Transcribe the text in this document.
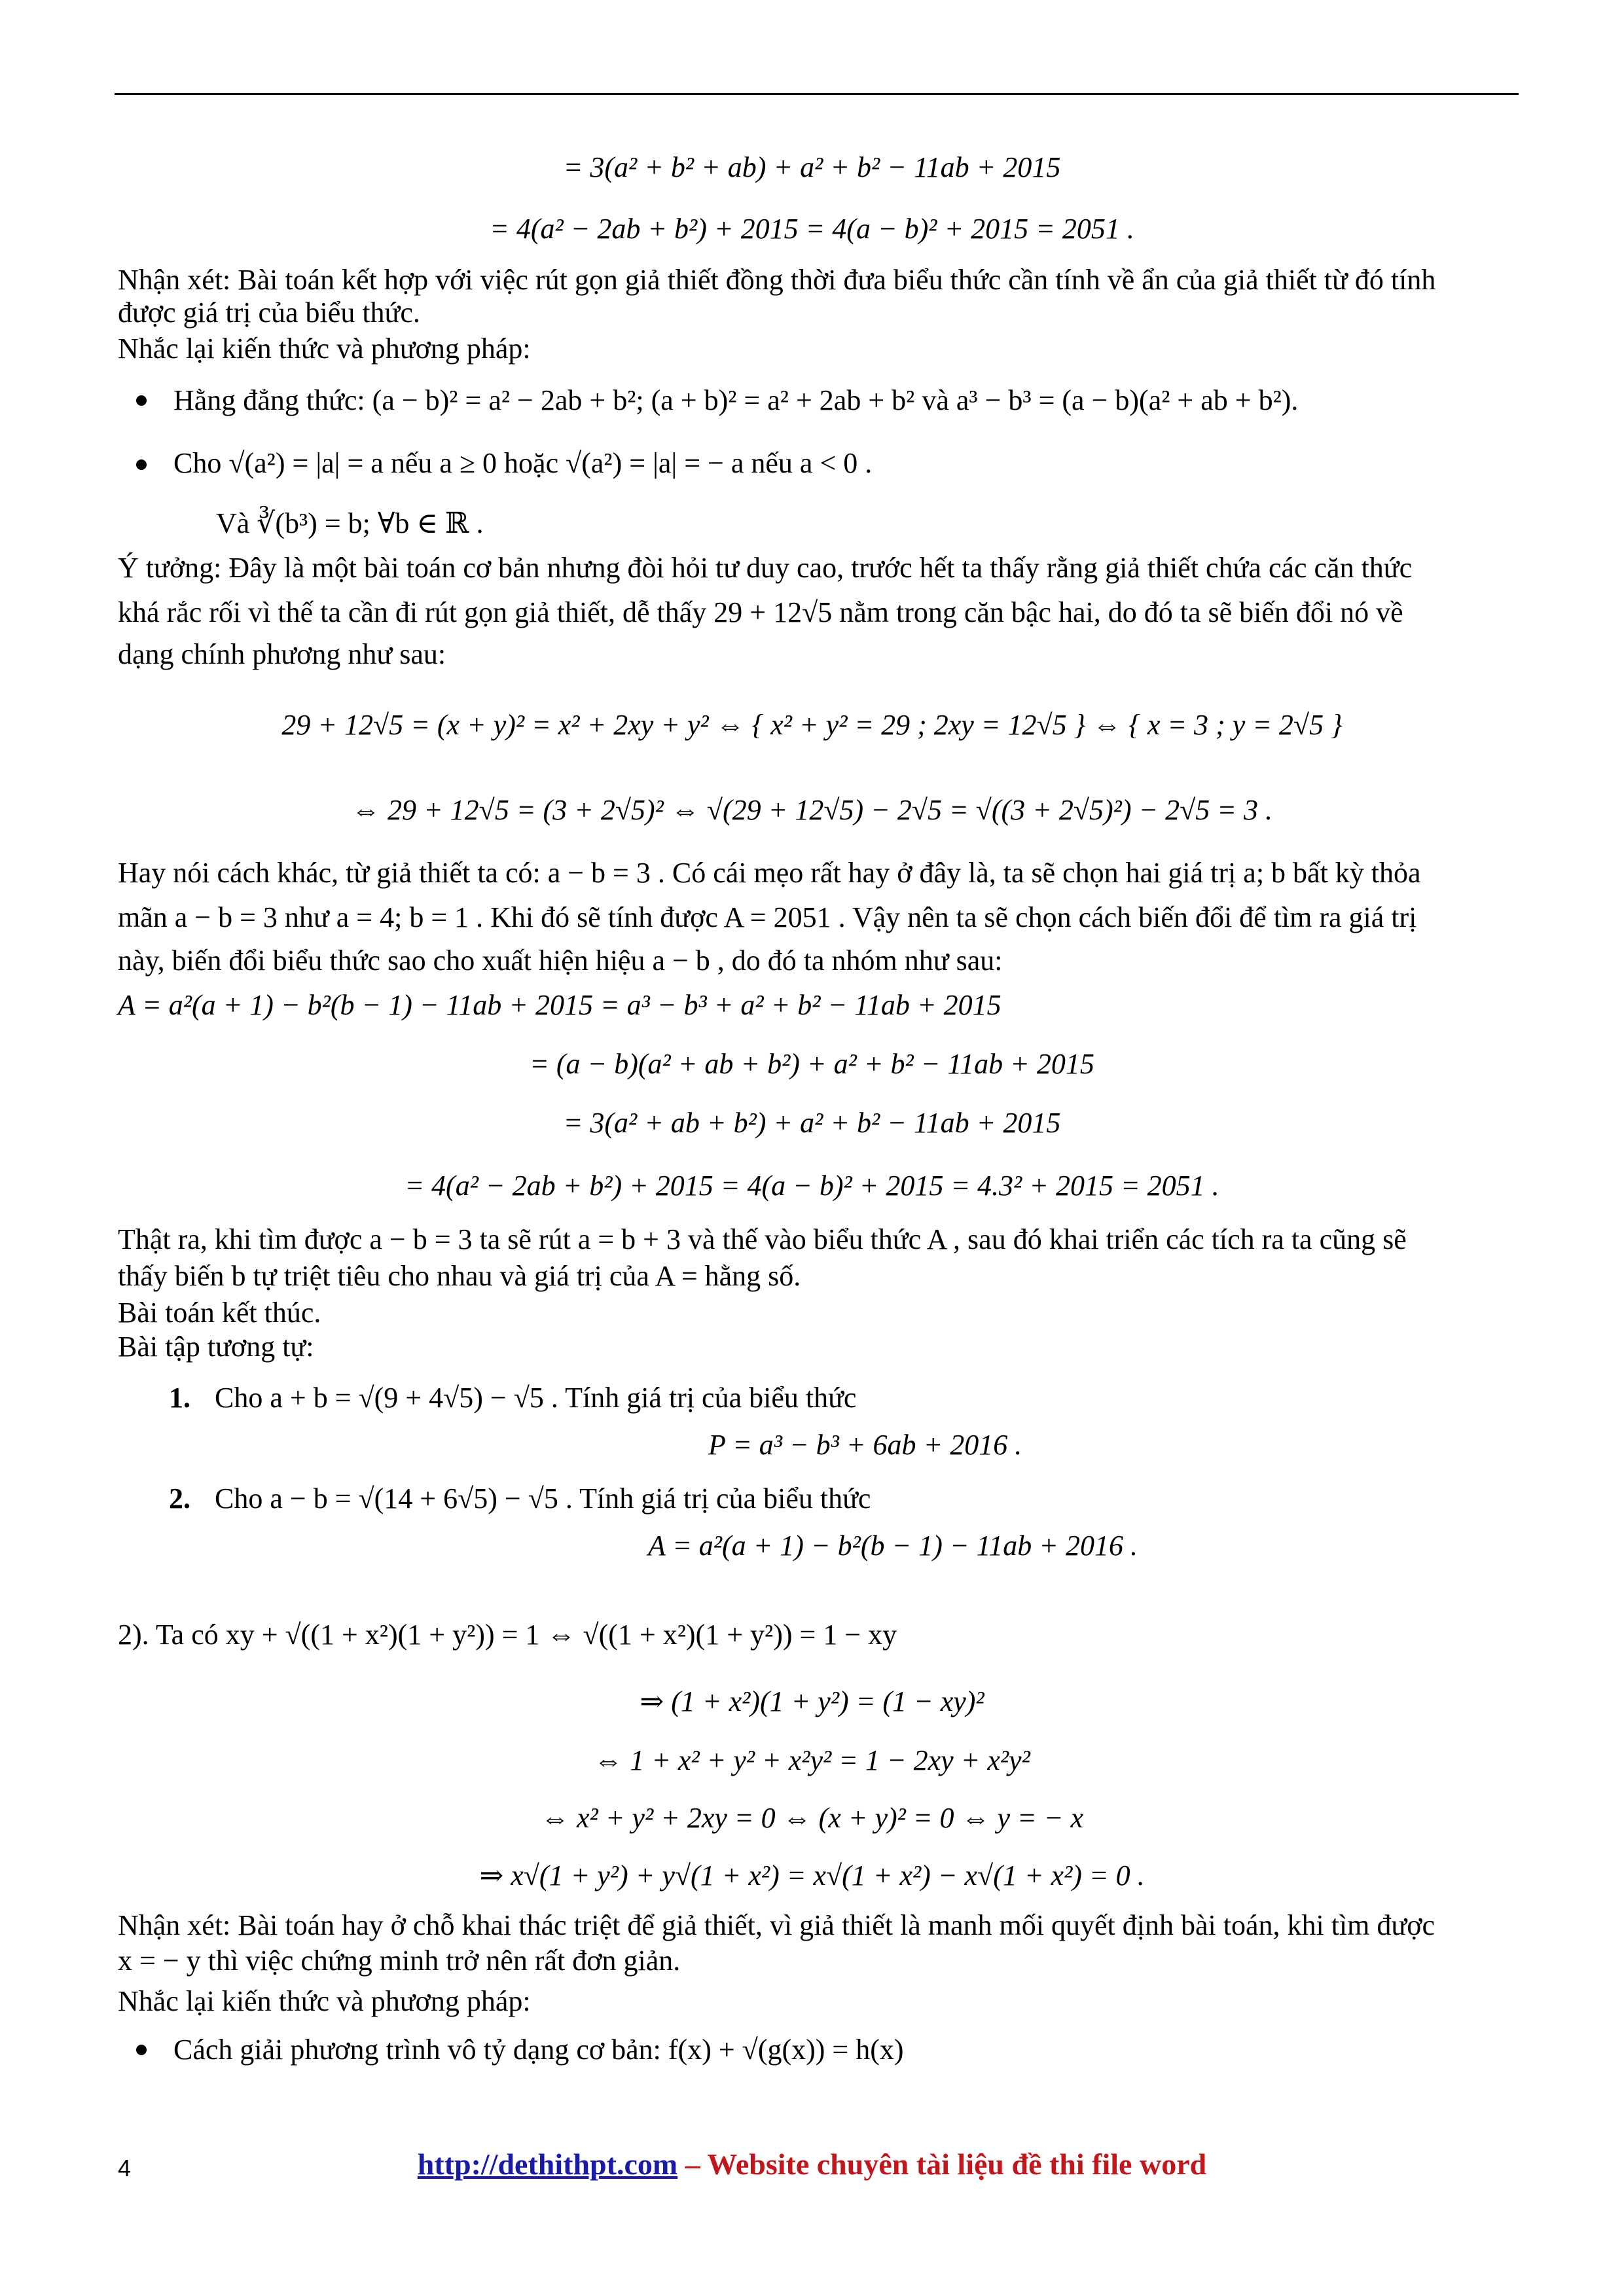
= 3(a² + b² + ab) + a² + b² − 11ab + 2015
= 4(a² − 2ab + b²) + 2015 = 4(a − b)² + 2015 = 2051 .
Nhận xét: Bài toán kết hợp với việc rút gọn giả thiết đồng thời đưa biểu thức cần tính về ẩn của giả thiết từ đó tính
được giá trị của biểu thức.
Nhắc lại kiến thức và phương pháp:
Hằng đẳng thức: (a − b)² = a² − 2ab + b²; (a + b)² = a² + 2ab + b² và a³ − b³ = (a − b)(a² + ab + b²).
Cho √(a²) = |a| = a nếu a ≥ 0 hoặc √(a²) = |a| = − a nếu a < 0 .
Và ∛(b³) = b; ∀b ∈ ℝ .
Ý tưởng: Đây là một bài toán cơ bản nhưng đòi hỏi tư duy cao, trước hết ta thấy rằng giả thiết chứa các căn thức
khá rắc rối vì thế ta cần đi rút gọn giả thiết, dễ thấy 29 + 12√5 nằm trong căn bậc hai, do đó ta sẽ biến đổi nó về
dạng chính phương như sau:
29 + 12√5 = (x + y)² = x² + 2xy + y² ⇔ { x² + y² = 29 ; 2xy = 12√5 } ⇔ { x = 3 ; y = 2√5 }
⇔ 29 + 12√5 = (3 + 2√5)² ⇔ √(29 + 12√5) − 2√5 = √((3 + 2√5)²) − 2√5 = 3 .
Hay nói cách khác, từ giả thiết ta có: a − b = 3 . Có cái mẹo rất hay ở đây là, ta sẽ chọn hai giá trị a; b bất kỳ thỏa
mãn a − b = 3 như a = 4; b = 1 . Khi đó sẽ tính được A = 2051 . Vậy nên ta sẽ chọn cách biến đổi để tìm ra giá trị
này, biến đổi biểu thức sao cho xuất hiện hiệu a − b , do đó ta nhóm như sau:
A = a²(a + 1) − b²(b − 1) − 11ab + 2015 = a³ − b³ + a² + b² − 11ab + 2015
= (a − b)(a² + ab + b²) + a² + b² − 11ab + 2015
= 3(a² + ab + b²) + a² + b² − 11ab + 2015
= 4(a² − 2ab + b²) + 2015 = 4(a − b)² + 2015 = 4.3² + 2015 = 2051 .
Thật ra, khi tìm được a − b = 3 ta sẽ rút a = b + 3 và thế vào biểu thức A , sau đó khai triển các tích ra ta cũng sẽ
thấy biến b tự triệt tiêu cho nhau và giá trị của A = hằng số.
Bài toán kết thúc.
Bài tập tương tự:
1. Cho a + b = √(9 + 4√5) − √5 . Tính giá trị của biểu thức
P = a³ − b³ + 6ab + 2016 .
2. Cho a − b = √(14 + 6√5) − √5 . Tính giá trị của biểu thức
A = a²(a + 1) − b²(b − 1) − 11ab + 2016 .
2). Ta có xy + √((1 + x²)(1 + y²)) = 1 ⇔ √((1 + x²)(1 + y²)) = 1 − xy
⇒ (1 + x²)(1 + y²) = (1 − xy)²
⇔ 1 + x² + y² + x²y² = 1 − 2xy + x²y²
⇔ x² + y² + 2xy = 0 ⇔ (x + y)² = 0 ⇔ y = − x
⇒ x√(1 + y²) + y√(1 + x²) = x√(1 + x²) − x√(1 + x²) = 0 .
Nhận xét: Bài toán hay ở chỗ khai thác triệt để giả thiết, vì giả thiết là manh mối quyết định bài toán, khi tìm được
x = − y thì việc chứng minh trở nên rất đơn giản.
Nhắc lại kiến thức và phương pháp:
Cách giải phương trình vô tỷ dạng cơ bản: f(x) + √(g(x)) = h(x)
4	http://dethithpt.com – Website chuyên tài liệu đề thi file word
